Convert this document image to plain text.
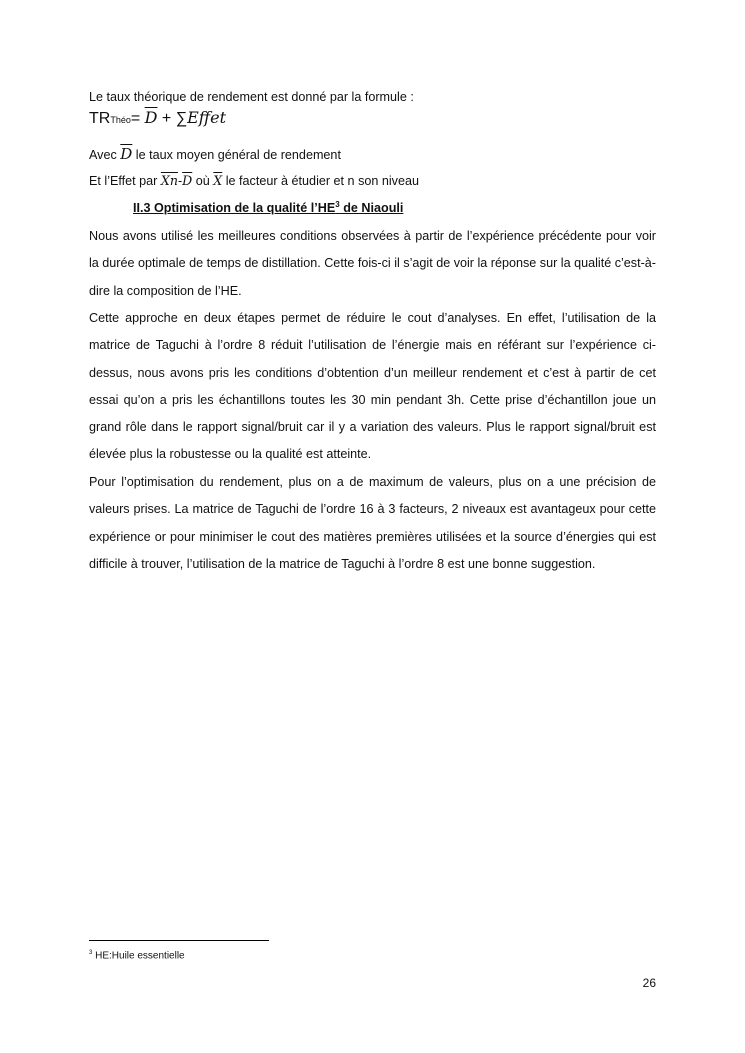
Le taux théorique de rendement est donné par la formule :
TRThéo= $\overline{D}$ + ∑Effet
Avec $\overline{D}$ le taux moyen général de rendement
Et l’Effet par $\overline{Xn}-\overline{D}$ où $\overline{X}$ le facteur à étudier et n son niveau
II.3 Optimisation de la qualité $l’HE^3$ de Niaouli

Nous avons utilisé les meilleures conditions observées à partir de l’expérience précédente pour voir la durée optimale de temps de distillation. Cette fois-ci il s’agit de voir la réponse sur la qualité c’est-à-dire la composition de l’HE.

Cette approche en deux étapes permet de réduire le cout d’analyses. En effet, l’utilisation de la matrice de Taguchi à l’ordre 8 réduit l’utilisation de l’énergie mais en référant sur l’expérience ci-dessus, nous avons pris les conditions d’obtention d’un meilleur rendement et c’est à partir de cet essai qu’on a pris les échantillons toutes les 30 min pendant 3h. Cette prise d’échantillon joue un grand rôle dans le rapport signal/bruit car il y a variation des valeurs. Plus le rapport signal/bruit est élevée plus la robustesse ou la qualité est atteinte.

Pour l’optimisation du rendement, plus on a de maximum de valeurs, plus on a une précision de valeurs prises. La matrice de Taguchi de l’ordre 16 à 3 facteurs, 2 niveaux est avantageux pour cette expérience or pour minimiser le cout des matières premières utilisées et la source d’énergies qui est difficile à trouver, l’utilisation de la matrice de Taguchi à l’ordre 8 est une bonne suggestion.

$^3$ HE:Huile essentielle
26
